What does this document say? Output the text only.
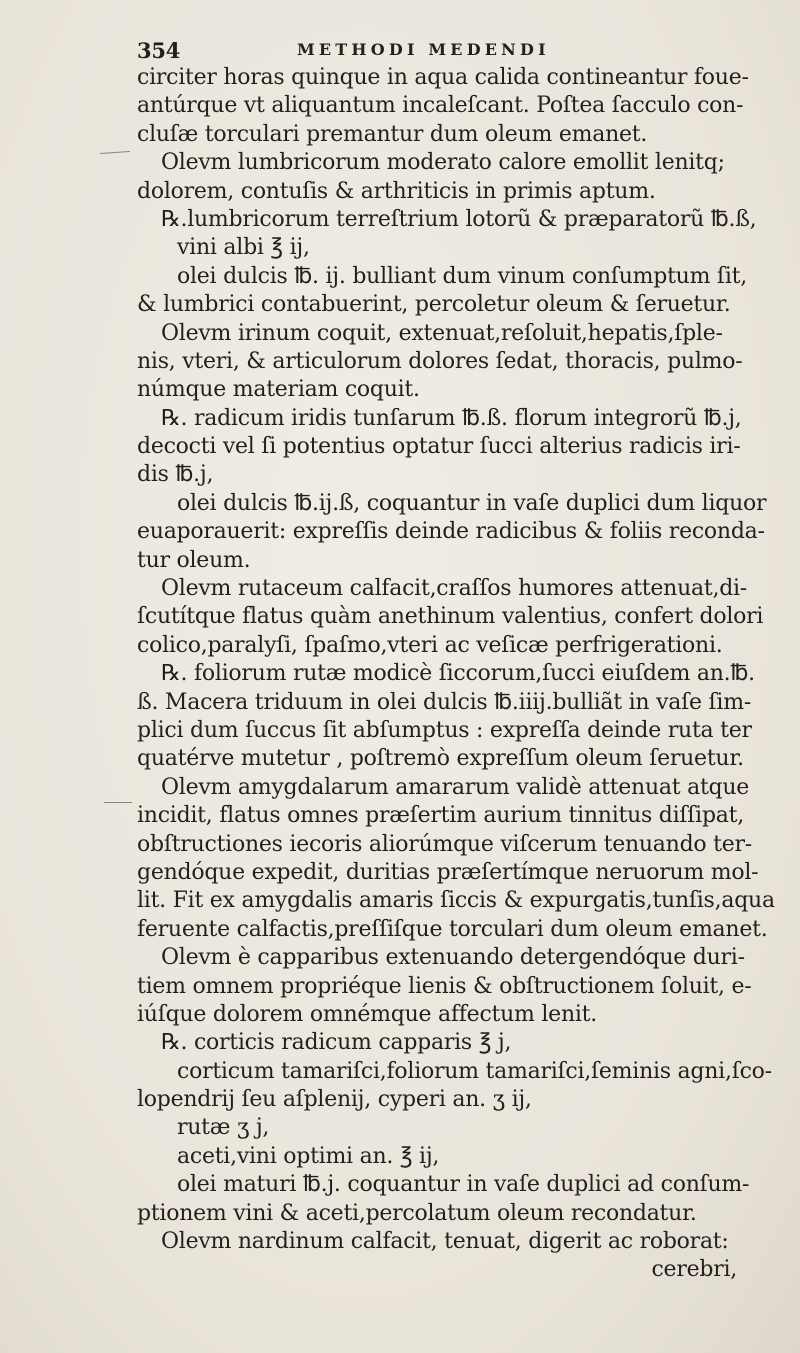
354	METHODI MEDENDI
circiter horas quinque in aqua calida contineantur foue-
antúrque vt aliquantum incaleſcant. Poſtea ſacculo con-
cluſæ torculari premantur dum oleum emanet.
Olevm lumbricorum moderato calore emollit lenitq;
dolorem, contuſis & arthriticis in primis aptum.
℞.lumbricorum terreſtrium lotorũ & præparatorũ ℔.ß,
vini albi ℥ ij,
olei dulcis ℔. ij. bulliant dum vinum conſumptum ſit,
& lumbrici contabuerint, percoletur oleum & ſeruetur.
Olevm irinum coquit, extenuat,reſoluit,hepatis,ſple-
nis, vteri, & articulorum dolores ſedat, thoracis, pulmo-
númque materiam coquit.
℞. radicum iridis tunſarum ℔.ß. florum integrorũ ℔.j,
decocti vel ſi potentius optatur ſucci alterius radicis iri-
dis ℔.j,
olei dulcis ℔.ij.ß, coquantur in vaſe duplici dum liquor
euaporauerit: expreſſis deinde radicibus & foliis reconda-
tur oleum.
Olevm rutaceum calfacit,craſſos humores attenuat,di-
ſcutítque flatus quàm anethinum valentius, confert dolori
colico,paralyſi, ſpaſmo,vteri ac veſicæ perfrigerationi.
℞. foliorum rutæ modicè ſiccorum,ſucci eiuſdem an.℔.
ß. Macera triduum in olei dulcis ℔.iiij.bulliãt in vaſe ſim-
plici dum ſuccus ſit abſumptus : expreſſa deinde ruta ter
quatérve mutetur , poſtremò expreſſum oleum ſeruetur.
Olevm amygdalarum amararum validè attenuat atque
incidit, flatus omnes præſertim aurium tinnitus diſſipat,
obſtructiones iecoris aliorúmque viſcerum tenuando ter-
gendóque expedit, duritias præſertímque neruorum mol-
lit. Fit ex amygdalis amaris ſiccis & expurgatis,tunſis,aqua
feruente calfactis,preſſiſque torculari dum oleum emanet.
Olevm è capparibus extenuando detergendóque duri-
tiem omnem propriéque lienis & obſtructionem ſoluit, e-
iúſque dolorem omnémque affectum lenit.
℞. corticis radicum capparis ℥ j,
corticum tamariſci,foliorum tamariſci,ſeminis agni,ſco-
lopendrij ſeu aſplenij, cyperi an. ʒ ij,
rutæ ʒ j,
aceti,vini optimi an. ℥ ij,
olei maturi ℔.j. coquantur in vaſe duplici ad conſum-
ptionem vini & aceti,percolatum oleum recondatur.
Olevm nardinum calfacit, tenuat, digerit ac roborat:
cerebri,
